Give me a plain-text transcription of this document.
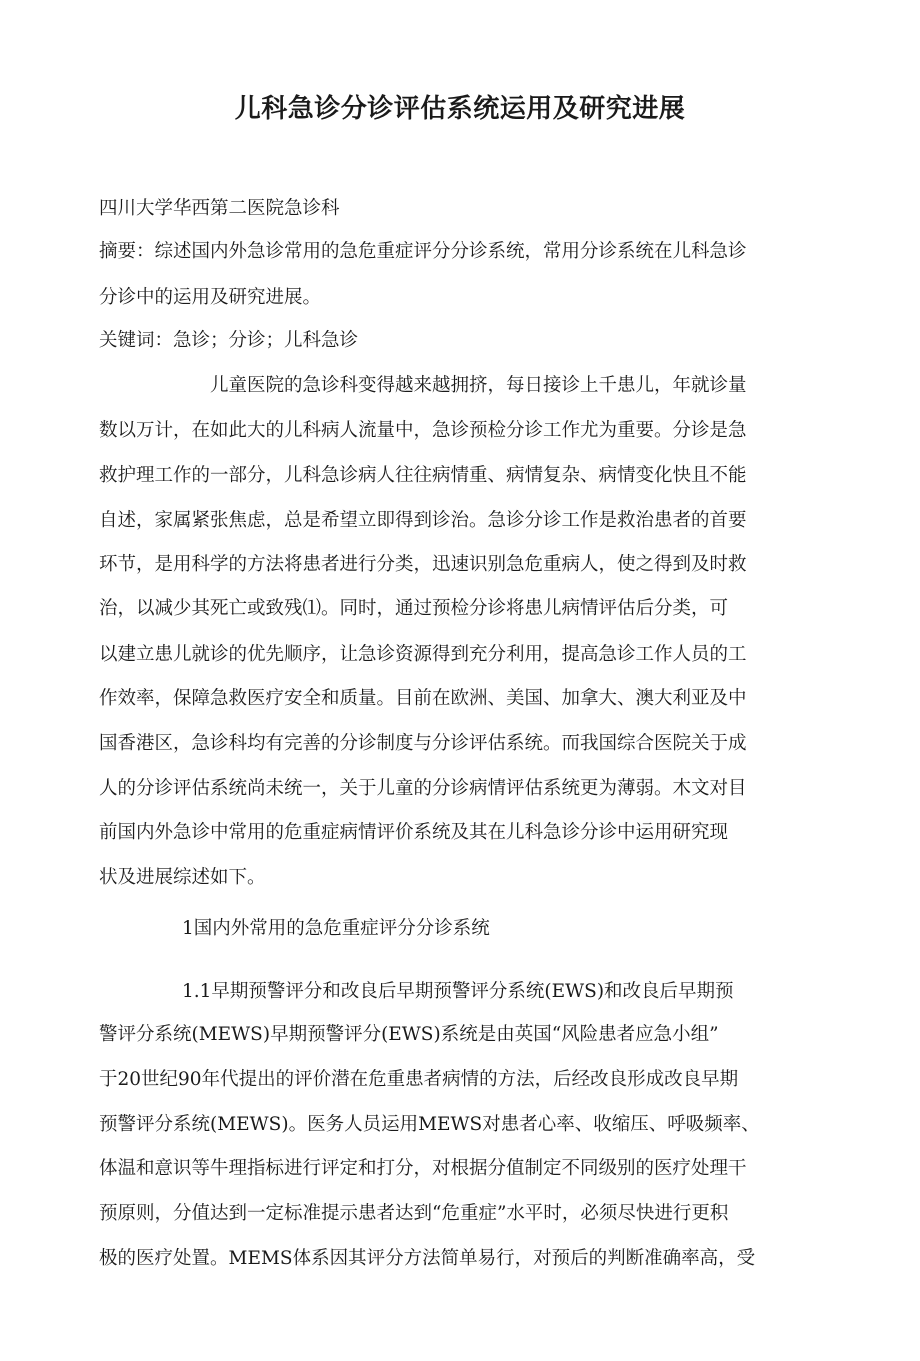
儿科急诊分诊评估系统运用及研究进展
四川大学华西第二医院急诊科
摘要：综述国内外急诊常用的急危重症评分分诊系统，常用分诊系统在儿科急诊
分诊中的运用及研究进展。
关键词：急诊；分诊；儿科急诊
儿童医院的急诊科变得越来越拥挤，每日接诊上千患儿，年就诊量
数以万计，在如此大的儿科病人流量中，急诊预检分诊工作尤为重要。分诊是急
救护理工作的一部分，儿科急诊病人往往病情重、病情复杂、病情变化快且不能
自述，家属紧张焦虑，总是希望立即得到诊治。急诊分诊工作是救治患者的首要
环节，是用科学的方法将患者进行分类，迅速识别急危重病人，使之得到及时救
治，以减少其死亡或致残⑴。同时，通过预检分诊将患儿病情评估后分类，可
以建立患儿就诊的优先顺序，让急诊资源得到充分利用，提高急诊工作人员的工
作效率，保障急救医疗安全和质量。目前在欧洲、美国、加拿大、澳大利亚及中
国香港区，急诊科均有完善的分诊制度与分诊评估系统。而我国综合医院关于成
人的分诊评估系统尚未统一，关于儿童的分诊病情评估系统更为薄弱。木文对目
前国内外急诊中常用的危重症病情评价系统及其在儿科急诊分诊中运用研究现
状及进展综述如下。
1国内外常用的急危重症评分分诊系统
1.1早期预警评分和改良后早期预警评分系统(EWS)和改良后早期预
警评分系统(MEWS)早期预警评分(EWS)系统是由英国“风险患者应急小组”
于20世纪90年代提出的评价潜在危重患者病情的方法，后经改良形成改良早期
预警评分系统(MEWS)。医务人员运用MEWS对患者心率、收缩压、呼吸频率、
体温和意识等牛理指标进行评定和打分，对根据分值制定不同级别的医疗处理干
预原则，分值达到一定标准提示患者达到“危重症”水平时，必须尽快进行更积
极的医疗处置。MEMS体系因其评分方法简单易行，对预后的判断准确率高，受
